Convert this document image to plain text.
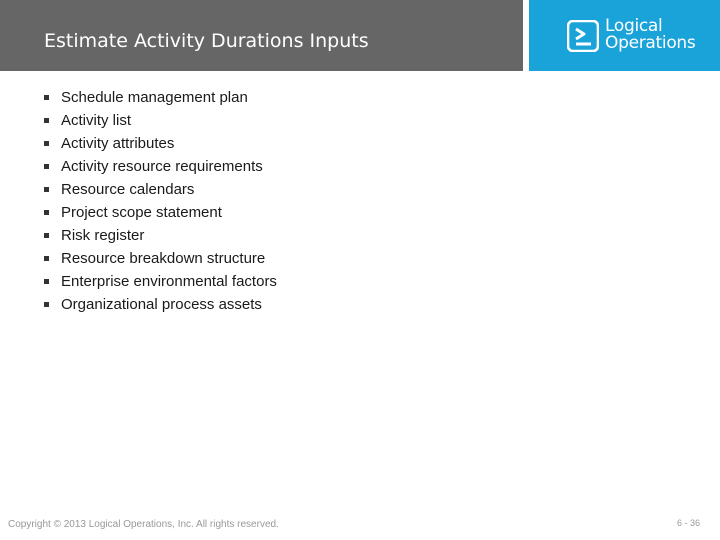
Estimate Activity Durations Inputs
Logical
Operations
Schedule management plan
Activity list
Activity attributes
Activity resource requirements
Resource calendars
Project scope statement
Risk register
Resource breakdown structure
Enterprise environmental factors
Organizational process assets
Copyright © 2013 Logical Operations, Inc. All rights reserved.	6 - 36
